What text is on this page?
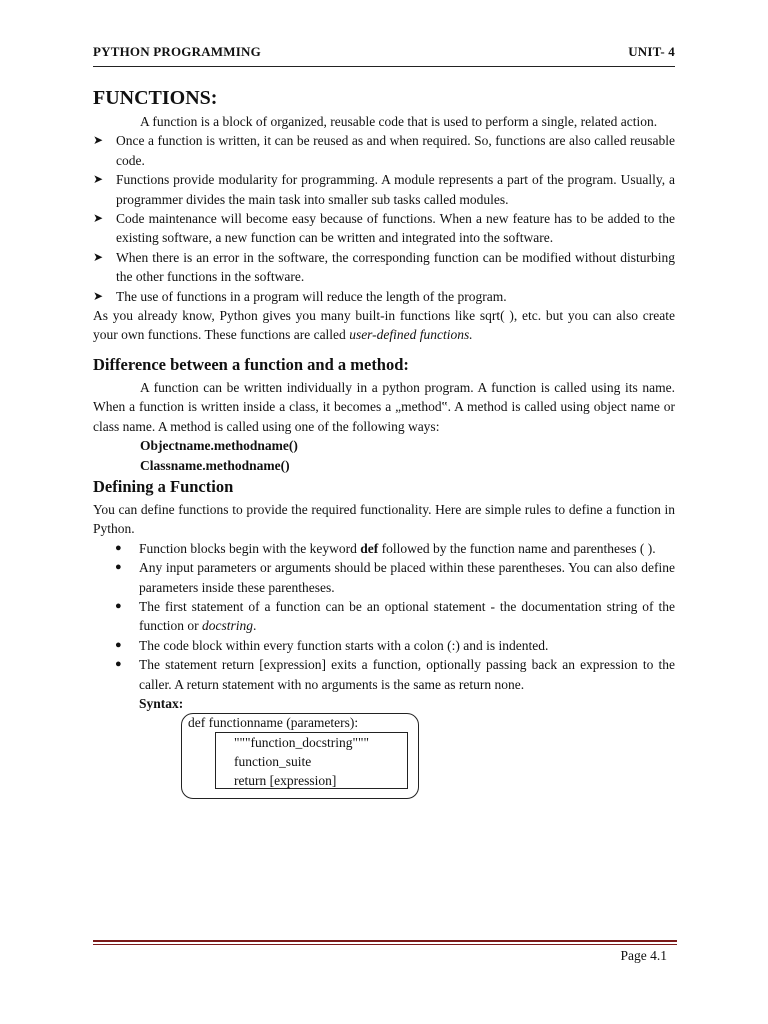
PYTHON PROGRAMMING	UNIT- 4
FUNCTIONS:

A function is a block of organized, reusable code that is used to perform a single, related action.

➤ Once a function is written, it can be reused as and when required. So, functions are also called reusable code.
➤ Functions provide modularity for programming. A module represents a part of the program. Usually, a programmer divides the main task into smaller sub tasks called modules.
➤ Code maintenance will become easy because of functions. When a new feature has to be added to the existing software, a new function can be written and integrated into the software.
➤ When there is an error in the software, the corresponding function can be modified without disturbing the other functions in the software.
➤ The use of functions in a program will reduce the length of the program.

As you already know, Python gives you many built-in functions like sqrt( ), etc. but you can also create your own functions. These functions are called user-defined functions.

Difference between a function and a method:

A function can be written individually in a python program. A function is called using its name. When a function is written inside a class, it becomes a „method‟. A method is called using object name or class name. A method is called using one of the following ways:

Objectname.methodname()
Classname.methodname()
Defining a Function

You can define functions to provide the required functionality. Here are simple rules to define a function in Python.

● Function blocks begin with the keyword def followed by the function name and parentheses ( ).
● Any input parameters or arguments should be placed within these parentheses. You can also define parameters inside these parentheses.
● The first statement of a function can be an optional statement - the documentation string of the function or docstring.
● The code block within every function starts with a colon (:) and is indented.
● The statement return [expression] exits a function, optionally passing back an expression to the caller. A return statement with no arguments is the same as return none.
Syntax:
def functionname (parameters):
"""function_docstring"""
function_suite
return [expression]
Page 4.1
